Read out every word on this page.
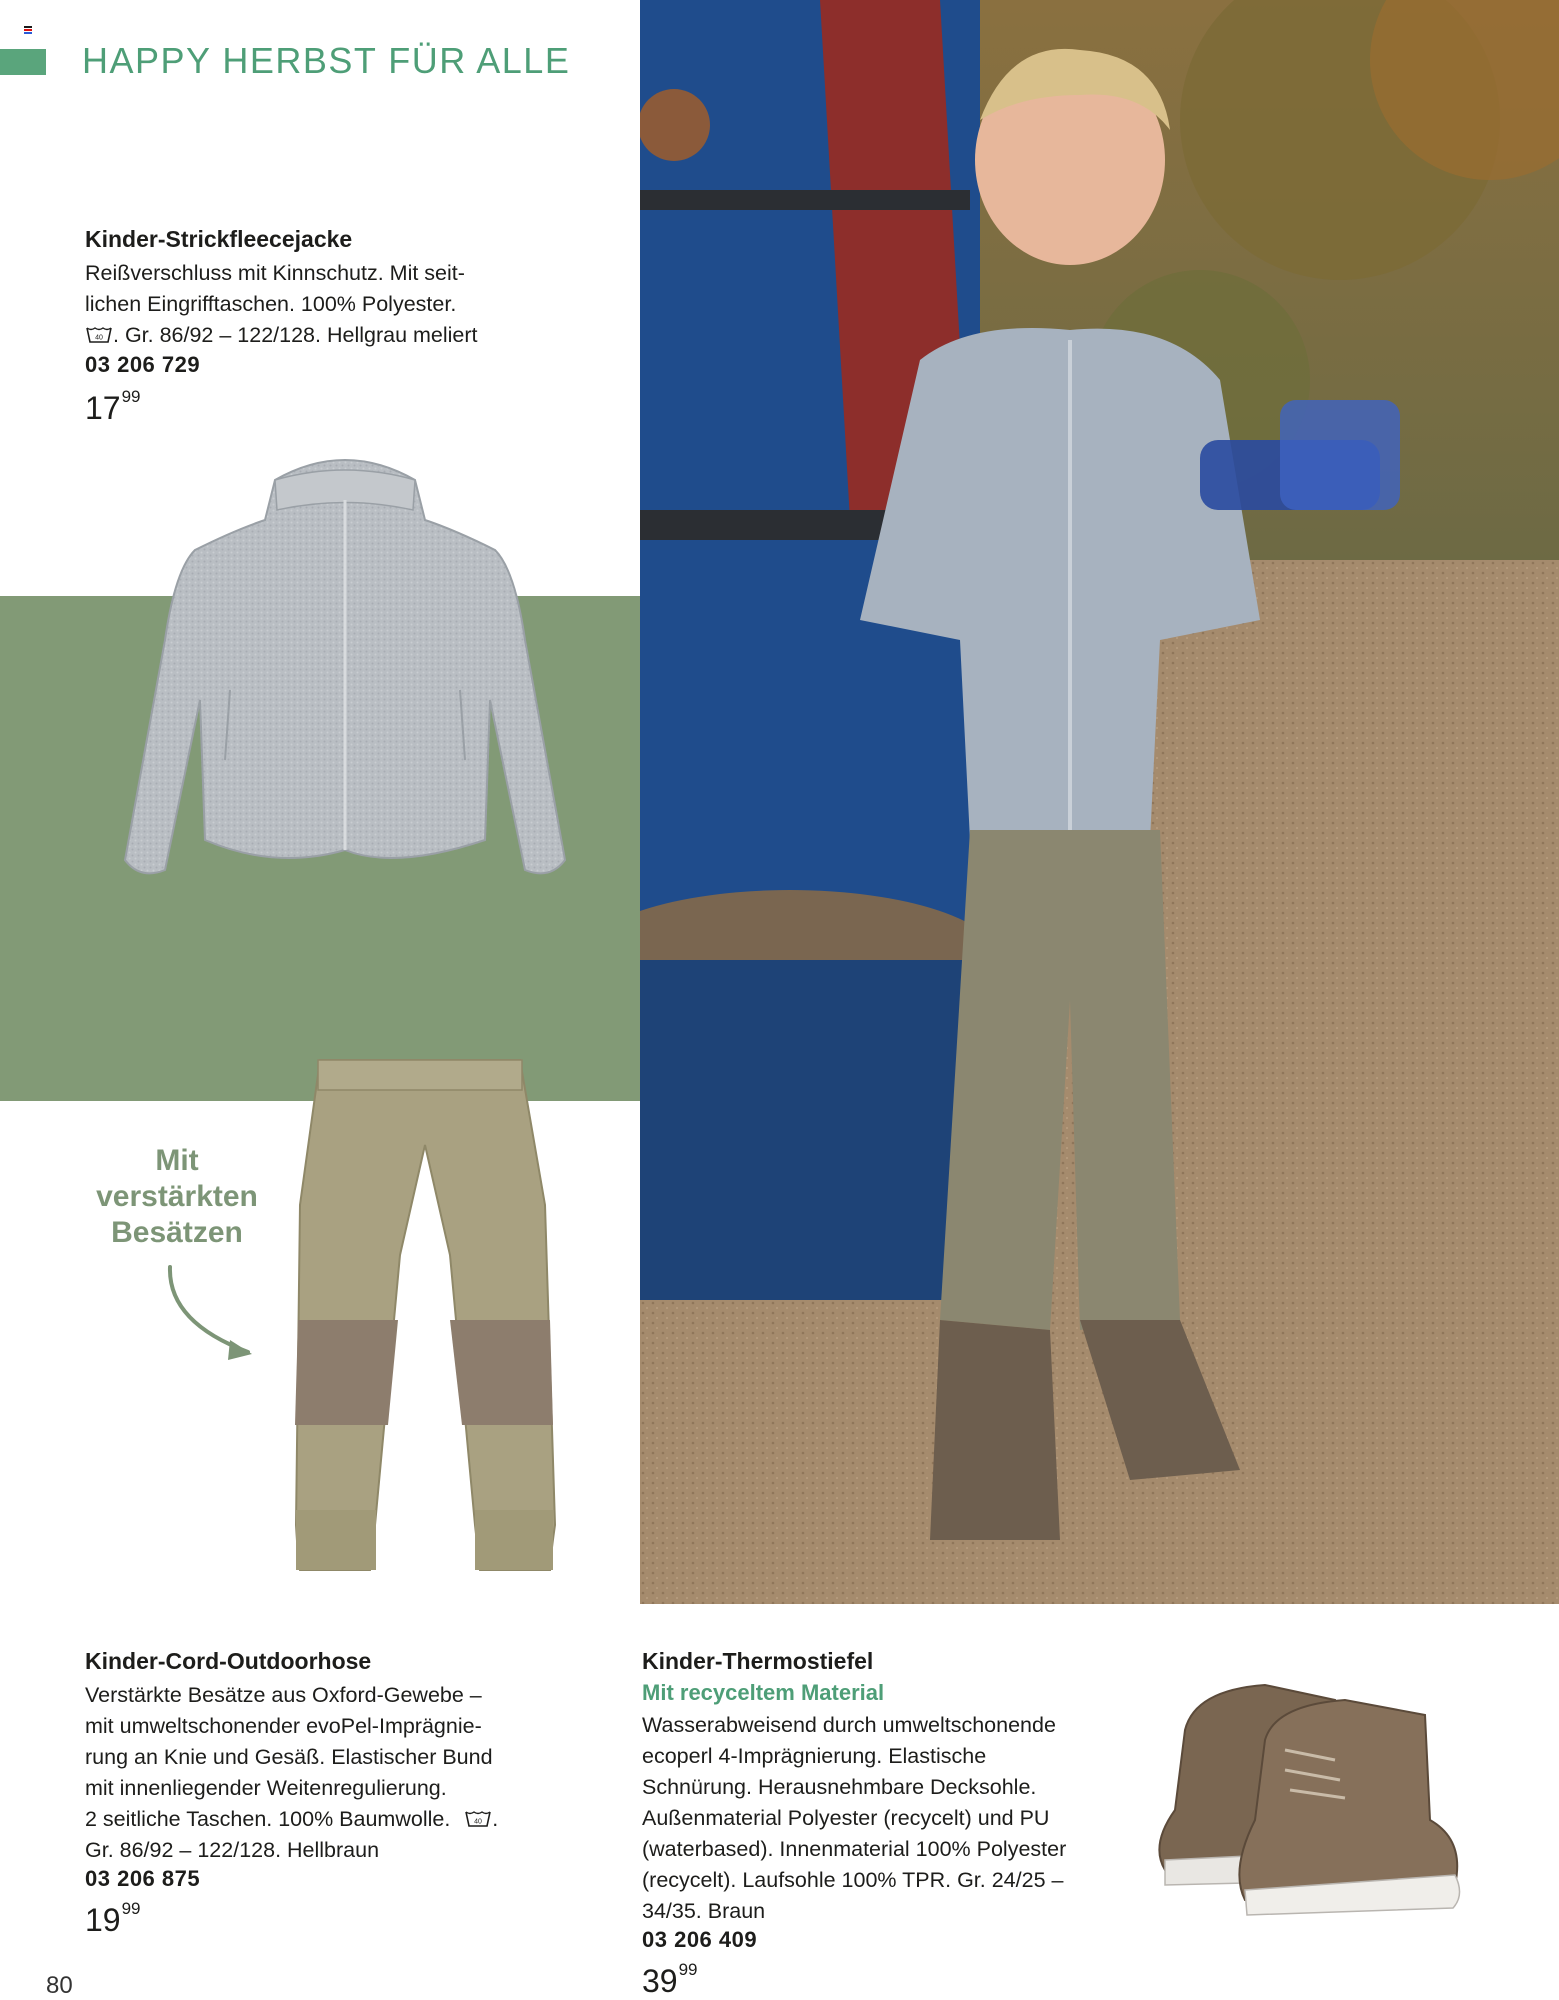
HAPPY HERBST FÜR ALLE
Kinder-Strickfleecejacke
Reißverschluss mit Kinnschutz. Mit seit-
lichen Eingrifftaschen. 100% Polyester.
40 . Gr. 86/92 – 122/128. Hellgrau meliert
03 206 729
$17^{99}$
Mit
verstärkten
Besätzen
Kinder-Cord-Outdoorhose
Verstärkte Besätze aus Oxford-Gewebe –
mit umweltschonender evoPel-Imprägnie-
rung an Knie und Gesäß. Elastischer Bund
mit innenliegender Weitenregulierung.
2 seitliche Taschen. 100% Baumwolle.	40 .
Gr. 86/92 – 122/128. Hellbraun
03 206 875
$19^{99}$
Kinder-Thermostiefel
Mit recyceltem Material
Wasserabweisend durch umweltschonende
ecoperl 4-Imprägnierung. Elastische
Schnürung. Herausnehmbare Decksohle.
Außenmaterial Polyester (recycelt) und PU
(waterbased). Innenmaterial 100% Polyester
(recycelt). Laufsohle 100% TPR. Gr. 24/25 –
34/35. Braun
03 206 409
$39^{99}$
80
